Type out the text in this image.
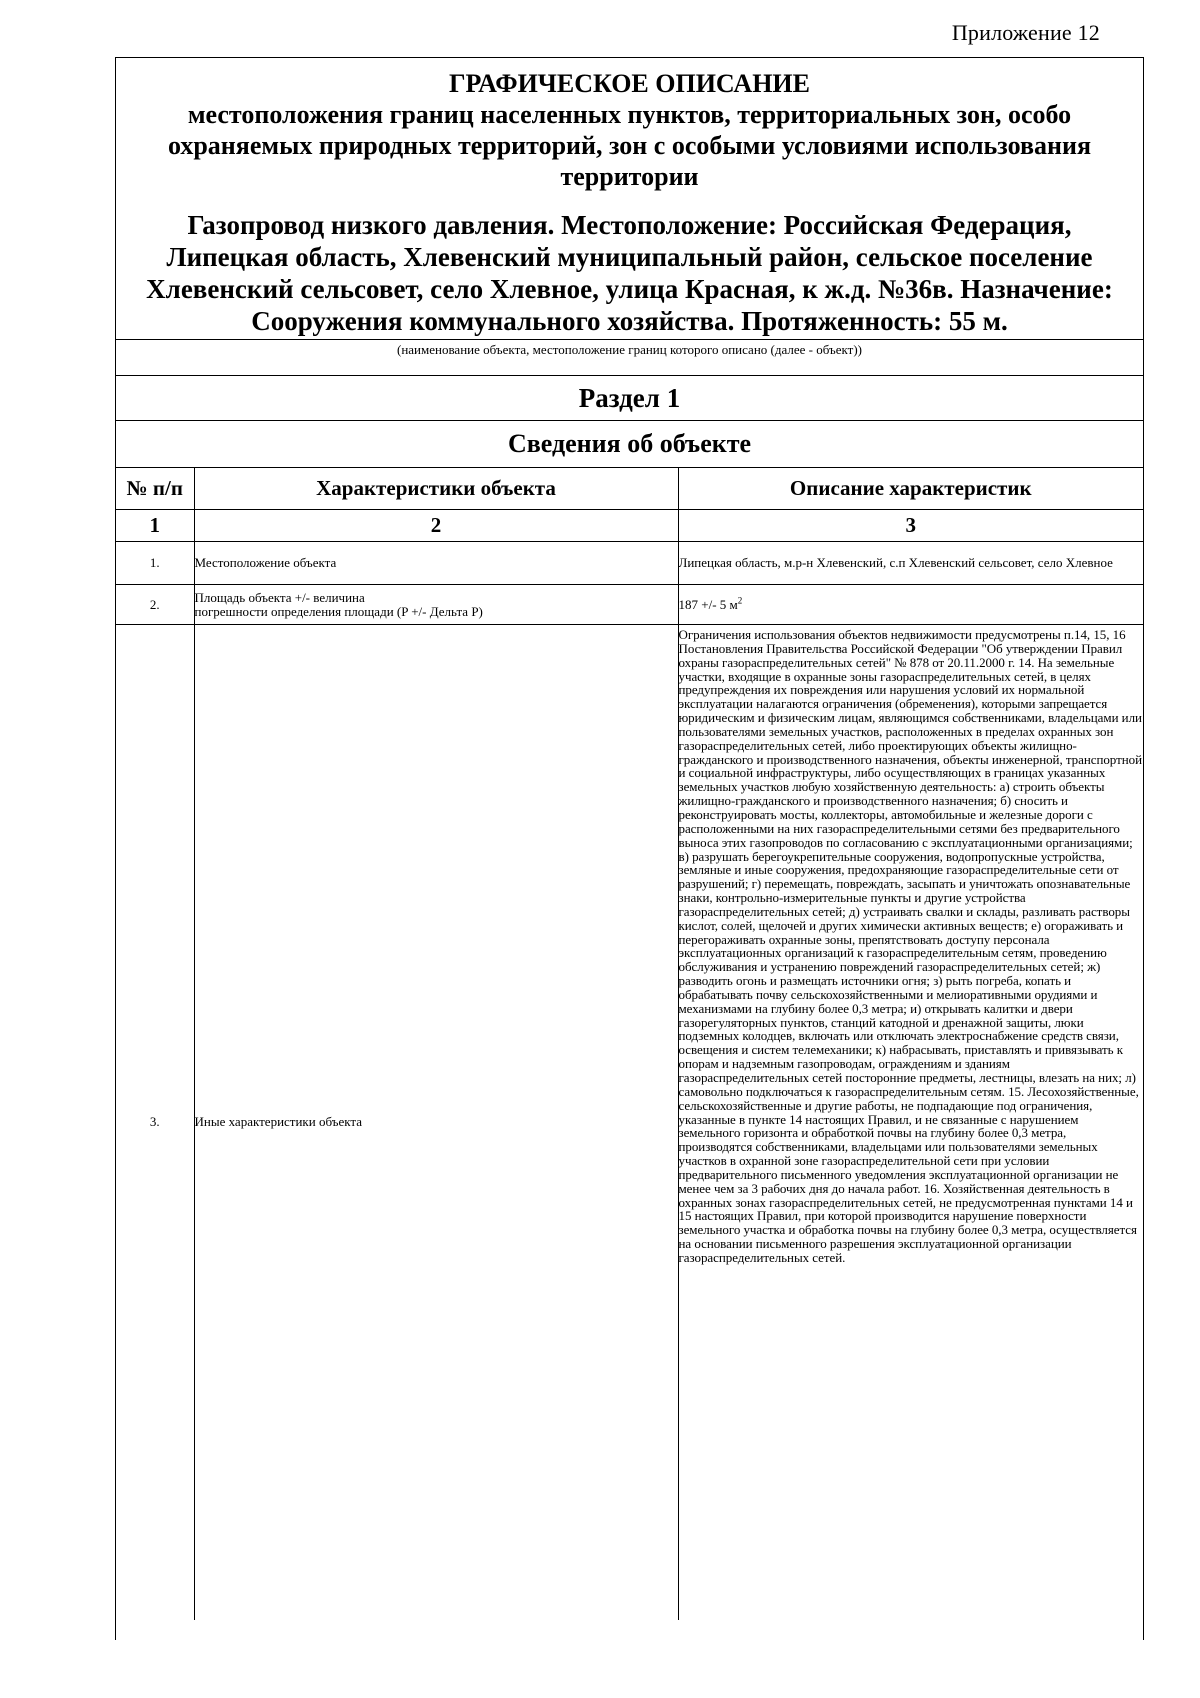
Приложение 12
ГРАФИЧЕСКОЕ ОПИСАНИЕ
местоположения границ населенных пунктов, территориальных зон, особо охраняемых природных территорий, зон с особыми условиями использования территории
Газопровод низкого давления. Местоположение: Российская Федерация, Липецкая область, Хлевенский муниципальный район, сельское поселение Хлевенский сельсовет, село Хлевное, улица Красная, к ж.д. №36в. Назначение: Сооружения коммунального хозяйства. Протяженность: 55 м.
(наименование объекта, местоположение границ которого описано (далее - объект))
Раздел 1
Сведения об объекте
№ п/п	Характеристики объекта	Описание характеристик
1	2	3
1.	Местоположение объекта	Липецкая область, м.р-н Хлевенский, с.п Хлевенский сельсовет, село Хлевное
2.	Площадь объекта +/- величина
погрешности определения площади (P +/- Дельта P)	187 +/- 5 $м^2$
3.	Иные характеристики объекта	Ограничения использования объектов недвижимости предусмотрены п.14, 15, 16 Постановления Правительства Российской Федерации "Об утверждении Правил охраны газораспределительных сетей" № 878 от 20.11.2000 г. 14. На земельные участки, входящие в охранные зоны газораспределительных сетей, в целях предупреждения их повреждения или нарушения условий их нормальной эксплуатации налагаются ограничения (обременения), которыми запрещается юридическим и физическим лицам, являющимся собственниками, владельцами или пользователями земельных участков, расположенных в пределах охранных зон газораспределительных сетей, либо проектирующих объекты жилищно-гражданского и производственного назначения, объекты инженерной, транспортной и социальной инфраструктуры, либо осуществляющих в границах указанных земельных участков любую хозяйственную деятельность: а) строить объекты жилищно-гражданского и производственного назначения; б) сносить и реконструировать мосты, коллекторы, автомобильные и железные дороги с расположенными на них газораспределительными сетями без предварительного выноса этих газопроводов по согласованию с эксплуатационными организациями; в) разрушать берегоукрепительные сооружения, водопропускные устройства, земляные и иные сооружения, предохраняющие газораспределительные сети от разрушений; г) перемещать, повреждать, засыпать и уничтожать опознавательные знаки, контрольно-измерительные пункты и другие устройства газораспределительных сетей; д) устраивать свалки и склады, разливать растворы кислот, солей, щелочей и других химически активных веществ; е) огораживать и перегораживать охранные зоны, препятствовать доступу персонала эксплуатационных организаций к газораспределительным сетям, проведению обслуживания и устранению повреждений газораспределительных сетей; ж) разводить огонь и размещать источники огня; з) рыть погреба, копать и обрабатывать почву сельскохозяйственными и мелиоративными орудиями и механизмами на глубину более 0,3 метра; и) открывать калитки и двери газорегуляторных пунктов, станций катодной и дренажной защиты, люки подземных колодцев, включать или отключать электроснабжение средств связи, освещения и систем телемеханики; к) набрасывать, приставлять и привязывать к опорам и надземным газопроводам, ограждениям и зданиям газораспределительных сетей посторонние предметы, лестницы, влезать на них; л) самовольно подключаться к газораспределительным сетям. 15. Лесохозяйственные, сельскохозяйственные и другие работы, не подпадающие под ограничения, указанные в пункте 14 настоящих Правил, и не связанные с нарушением земельного горизонта и обработкой почвы на глубину более 0,3 метра, производятся собственниками, владельцами или пользователями земельных участков в охранной зоне газораспределительной сети при условии предварительного письменного уведомления эксплуатационной организации не менее чем за 3 рабочих дня до начала работ. 16. Хозяйственная деятельность в охранных зонах газораспределительных сетей, не предусмотренная пунктами 14 и 15 настоящих Правил, при которой производится нарушение поверхности земельного участка и обработка почвы на глубину более 0,3 метра, осуществляется на основании письменного разрешения эксплуатационной организации газораспределительных сетей.
